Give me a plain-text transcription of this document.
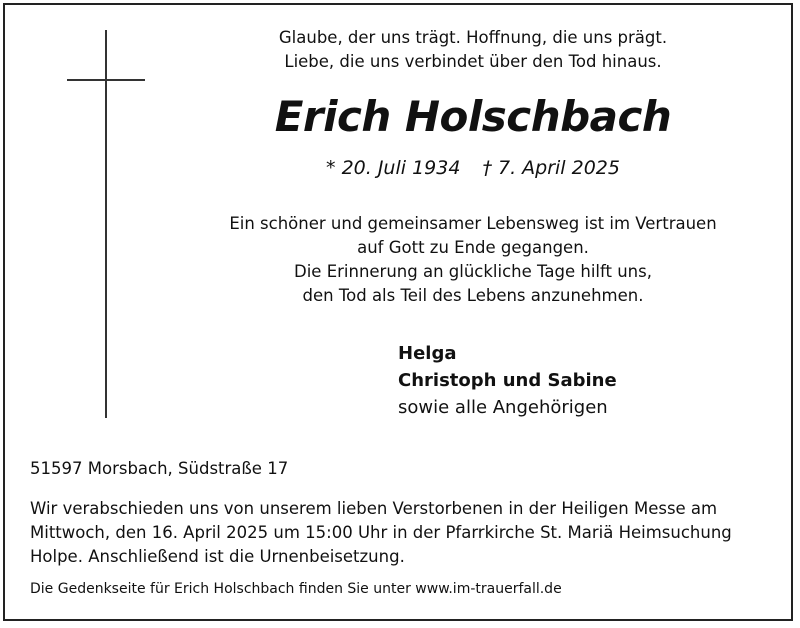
Glaube, der uns trägt. Hoffnung, die uns prägt.
Liebe, die uns verbindet über den Tod hinaus.
Erich Holschbach
* 20. Juli 1934 † 7. April 2025
Ein schöner und gemeinsamer Lebensweg ist im Vertrauen
auf Gott zu Ende gegangen.
Die Erinnerung an glückliche Tage hilft uns,
den Tod als Teil des Lebens anzunehmen.
Helga
Christoph und Sabine
sowie alle Angehörigen
51597 Morsbach, Südstraße 17
Wir verabschieden uns von unserem lieben Verstorbenen in der Heiligen Messe am
Mittwoch, den 16. April 2025 um 15:00 Uhr in der Pfarrkirche St. Mariä Heimsuchung
Holpe. Anschließend ist die Urnenbeisetzung.
Die Gedenkseite für Erich Holschbach finden Sie unter www.im-trauerfall.de
